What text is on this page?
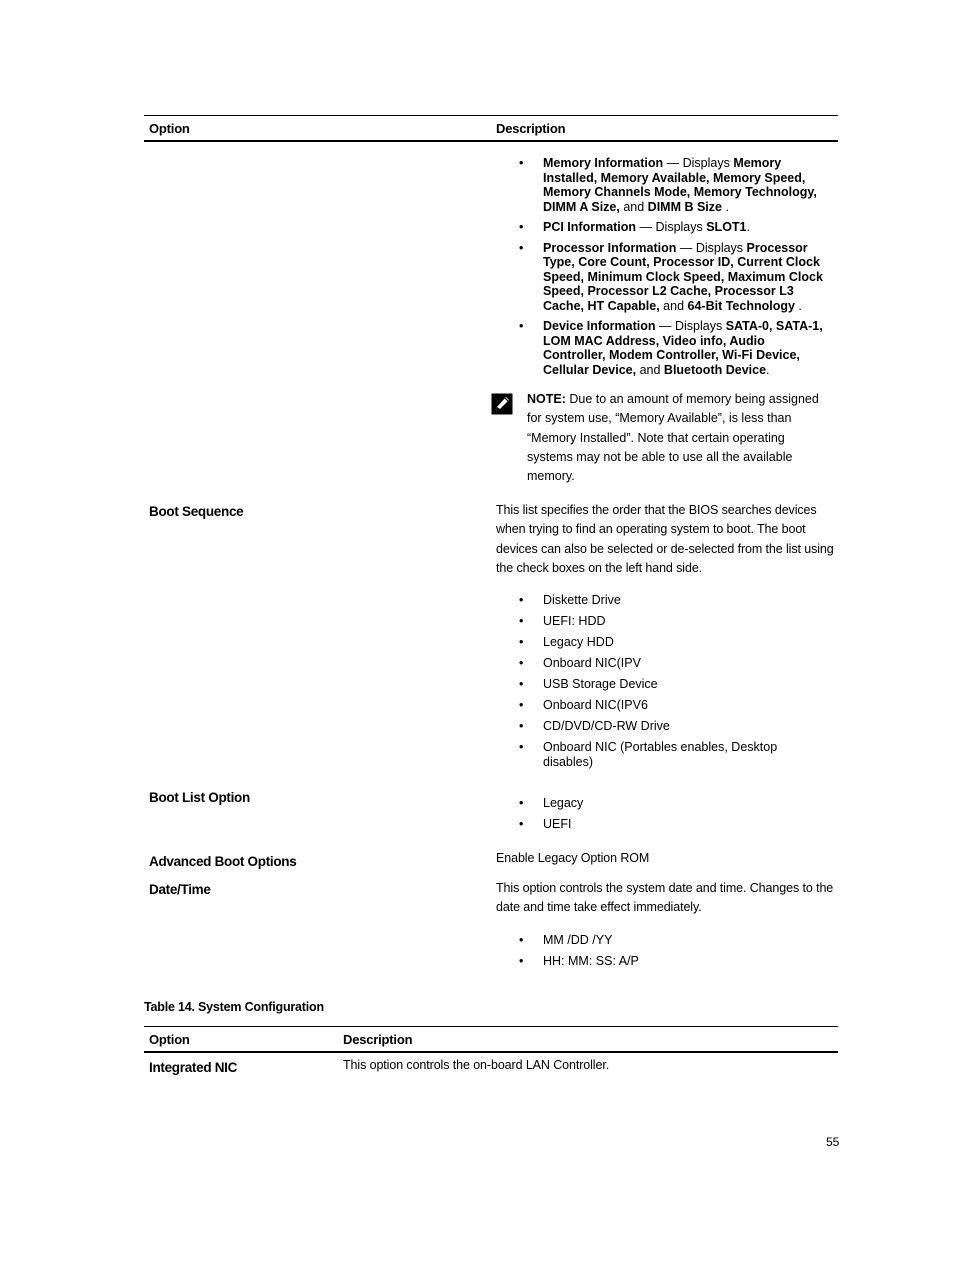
Option	Description
• Memory Information — Displays Memory Installed, Memory Available, Memory Speed, Memory Channels Mode, Memory Technology, DIMM A Size, and DIMM B Size .
• PCI Information — Displays SLOT1.
• Processor Information — Displays Processor Type, Core Count, Processor ID, Current Clock Speed, Minimum Clock Speed, Maximum Clock Speed, Processor L2 Cache, Processor L3 Cache, HT Capable, and 64-Bit Technology .
• Device Information — Displays SATA-0, SATA-1, LOM MAC Address, Video info, Audio Controller, Modem Controller, Wi-Fi Device, Cellular Device, and Bluetooth Device.
NOTE: Due to an amount of memory being assigned for system use, “Memory Available”, is less than “Memory Installed”. Note that certain operating systems may not be able to use all the available memory.
Boot Sequence	This list specifies the order that the BIOS searches devices when trying to find an operating system to boot. The boot devices can also be selected or de-selected from the list using the check boxes on the left hand side.
• Diskette Drive
• UEFI: HDD
• Legacy HDD
• Onboard NIC(IPV
• USB Storage Device
• Onboard NIC(IPV6
• CD/DVD/CD-RW Drive
• Onboard NIC (Portables enables, Desktop disables)
Boot List Option
•	Legacy
• UEFI
Advanced Boot Options	Enable Legacy Option ROM
Date/Time	This option controls the system date and time. Changes to the date and time take effect immediately.
• MM /DD /YY
• HH: MM: SS: A/P
Table 14. System Configuration
Option	Description
Integrated NIC	This option controls the on-board LAN Controller.
55
